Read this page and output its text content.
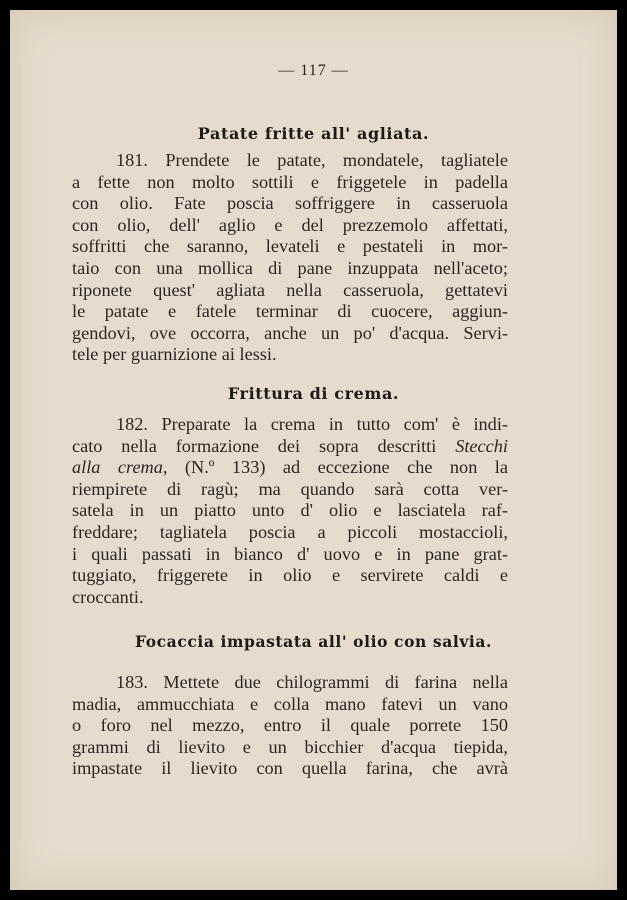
— 117 —
Patate fritte all' agliata.
181. Prendete le patate, mondatele, tagliatele
a fette non molto sottili e friggetele in padella
con olio. Fate poscia soffriggere in casseruola
con olio, dell' aglio e del prezzemolo affettati,
soffritti che saranno, levateli e pestateli in mor-
taio con una mollica di pane inzuppata nell'aceto;
riponete quest' agliata nella casseruola, gettatevi
le patate e fatele terminar di cuocere, aggiun-
gendovi, ove occorra, anche un po' d'acqua. Servi-
tele per guarnizione ai lessi.
Frittura di crema.
182. Preparate la crema in tutto com' è indi-
cato nella formazione dei sopra descritti Stecchi
alla crema, (N.º 133) ad eccezione che non la
riempirete di ragù; ma quando sarà cotta ver-
satela in un piatto unto d' olio e lasciatela raf-
freddare; tagliatela poscia a piccoli mostaccioli,
i quali passati in bianco d' uovo e in pane grat-
tuggiato, friggerete in olio e servirete caldi e
croccanti.
Focaccia impastata all' olio con salvia.
183. Mettete due chilogrammi di farina nella
madia, ammucchiata e colla mano fatevi un vano
o foro nel mezzo, entro il quale porrete 150
grammi di lievito e un bicchier d'acqua tiepida,
impastate il lievito con quella farina, che avrà
